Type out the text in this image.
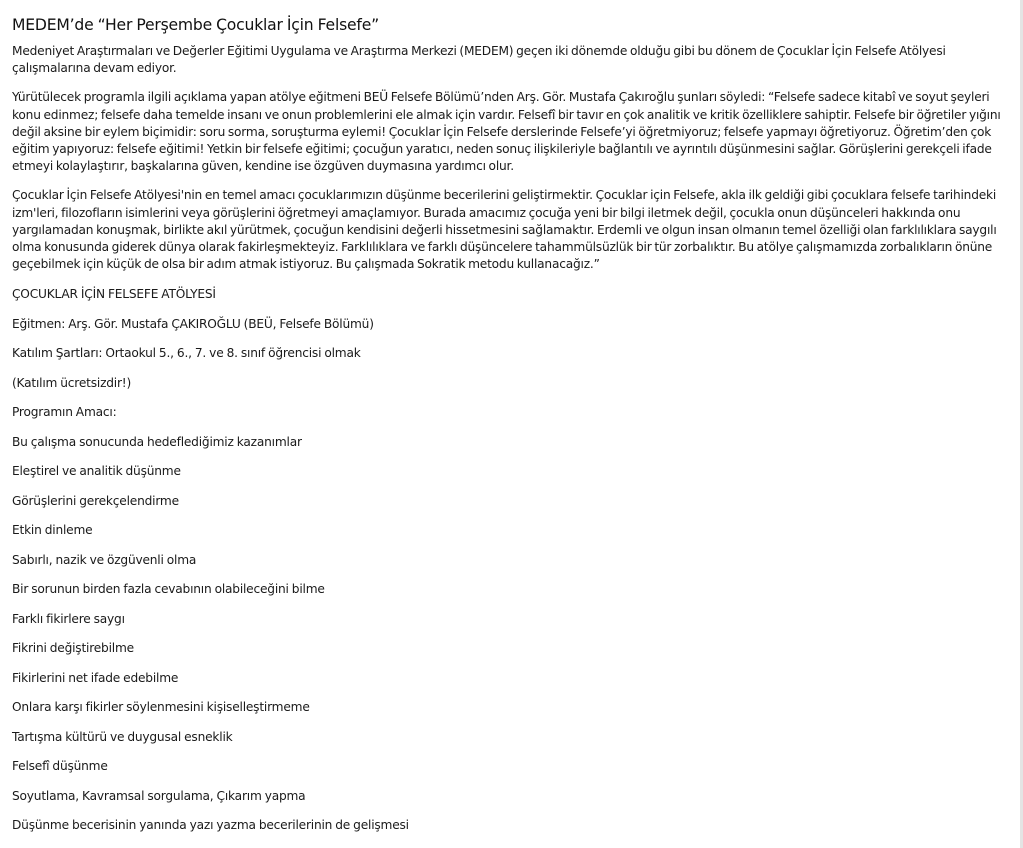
MEDEM’de “Her Perşembe Çocuklar İçin Felsefe”

Medeniyet Araştırmaları ve Değerler Eğitimi Uygulama ve Araştırma Merkezi (MEDEM) geçen iki dönemde olduğu gibi bu dönem de Çocuklar İçin Felsefe Atölyesi çalışmalarına devam ediyor.

Yürütülecek programla ilgili açıklama yapan atölye eğitmeni BEÜ Felsefe Bölümü’nden Arş. Gör. Mustafa Çakıroğlu şunları söyledi: “Felsefe sadece kitabî ve soyut şeyleri konu edinmez; felsefe daha temelde insanı ve onun problemlerini ele almak için vardır. Felsefî bir tavır en çok analitik ve kritik özelliklere sahiptir. Felsefe bir öğretiler yığını değil aksine bir eylem biçimidir: soru sorma, soruşturma eylemi! Çocuklar İçin Felsefe derslerinde Felsefe’yi öğretmiyoruz; felsefe yapmayı öğretiyoruz. Öğretim’den çok eğitim yapıyoruz: felsefe eğitimi! Yetkin bir felsefe eğitimi; çocuğun yaratıcı, neden sonuç ilişkileriyle bağlantılı ve ayrıntılı düşünmesini sağlar. Görüşlerini gerekçeli ifade etmeyi kolaylaştırır, başkalarına güven, kendine ise özgüven duymasına yardımcı olur.

Çocuklar İçin Felsefe Atölyesi'nin en temel amacı çocuklarımızın düşünme becerilerini geliştirmektir. Çocuklar için Felsefe, akla ilk geldiği gibi çocuklara felsefe tarihindeki izm'leri, filozofların isimlerini veya görüşlerini öğretmeyi amaçlamıyor. Burada amacımız çocuğa yeni bir bilgi iletmek değil, çocukla onun düşünceleri hakkında onu yargılamadan konuşmak, birlikte akıl yürütmek, çocuğun kendisini değerli hissetmesini sağlamaktır. Erdemli ve olgun insan olmanın temel özelliği olan farklılıklara saygılı olma konusunda giderek dünya olarak fakirleşmekteyiz. Farklılıklara ve farklı düşüncelere tahammülsüzlük bir tür zorbalıktır. Bu atölye çalışmamızda zorbalıkların önüne geçebilmek için küçük de olsa bir adım atmak istiyoruz. Bu çalışmada Sokratik metodu kullanacağız.”

ÇOCUKLAR İÇİN FELSEFE ATÖLYESİ
Eğitmen: Arş. Gör. Mustafa ÇAKIROĞLU (BEÜ, Felsefe Bölümü)
Katılım Şartları: Ortaokul 5., 6., 7. ve 8. sınıf öğrencisi olmak
(Katılım ücretsizdir!)
Programın Amacı:
Bu çalışma sonucunda hedeflediğimiz kazanımlar
Eleştirel ve analitik düşünme
Görüşlerini gerekçelendirme
Etkin dinleme
Sabırlı, nazik ve özgüvenli olma
Bir sorunun birden fazla cevabının olabileceğini bilme
Farklı fikirlere saygı
Fikrini değiştirebilme
Fikirlerini net ifade edebilme
Onlara karşı fikirler söylenmesini kişiselleştirmeme
Tartışma kültürü ve duygusal esneklik
Felsefî düşünme
Soyutlama, Kavramsal sorgulama, Çıkarım yapma
Düşünme becerisinin yanında yazı yazma becerilerinin de gelişmesi
